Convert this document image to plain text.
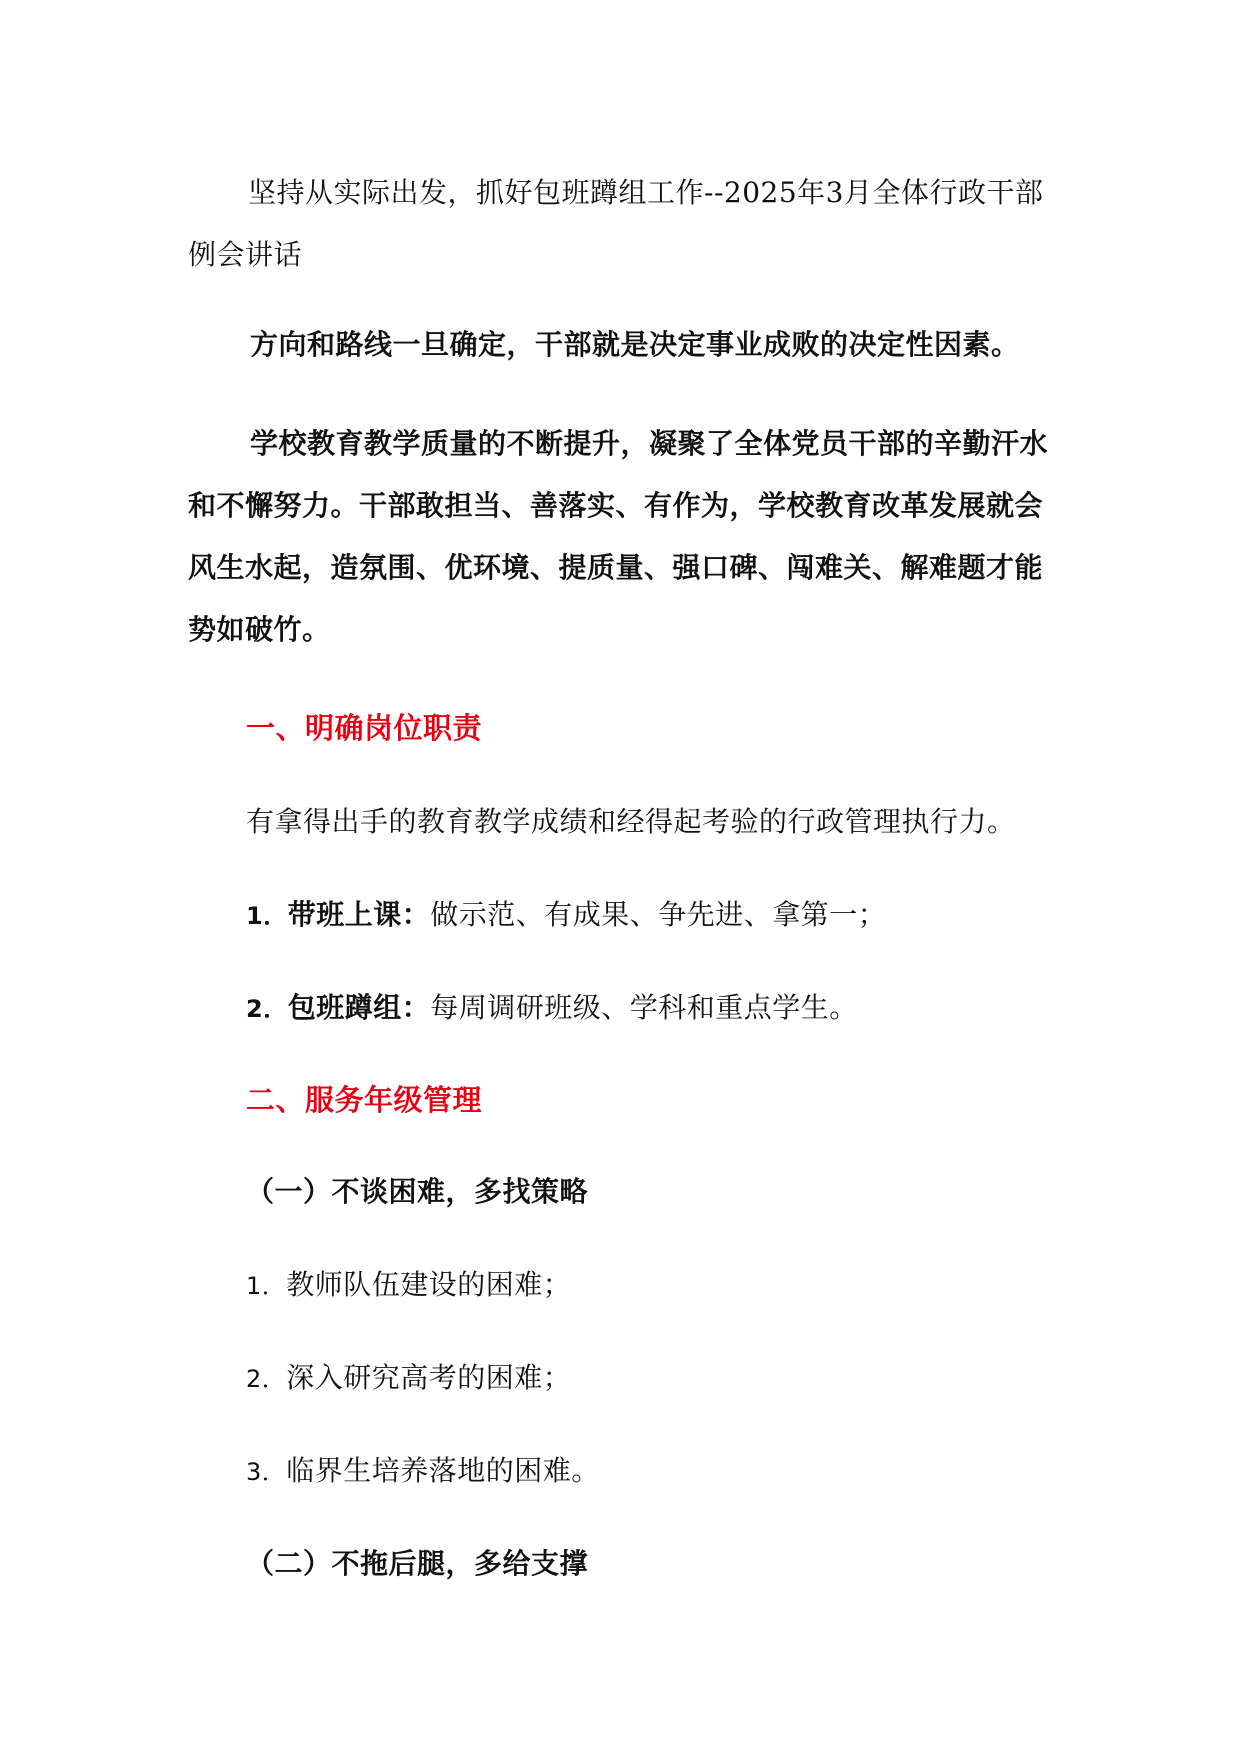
坚持从实际出发，抓好包班蹲组工作--2025年3月全体行政干部例会讲话
方向和路线一旦确定，干部就是决定事业成败的决定性因素。
学校教育教学质量的不断提升，凝聚了全体党员干部的辛勤汗水和不懈努力。干部敢担当、善落实、有作为，学校教育改革发展就会风生水起，造氛围、优环境、提质量、强口碑、闯难关、解难题才能势如破竹。
一、明确岗位职责
有拿得出手的教育教学成绩和经得起考验的行政管理执行力。
1．带班上课：做示范、有成果、争先进、拿第一；
2．包班蹲组：每周调研班级、学科和重点学生。
二、服务年级管理
（一）不谈困难，多找策略
1．教师队伍建设的困难；
2．深入研究高考的困难；
3．临界生培养落地的困难。
（二）不拖后腿，多给支撑
